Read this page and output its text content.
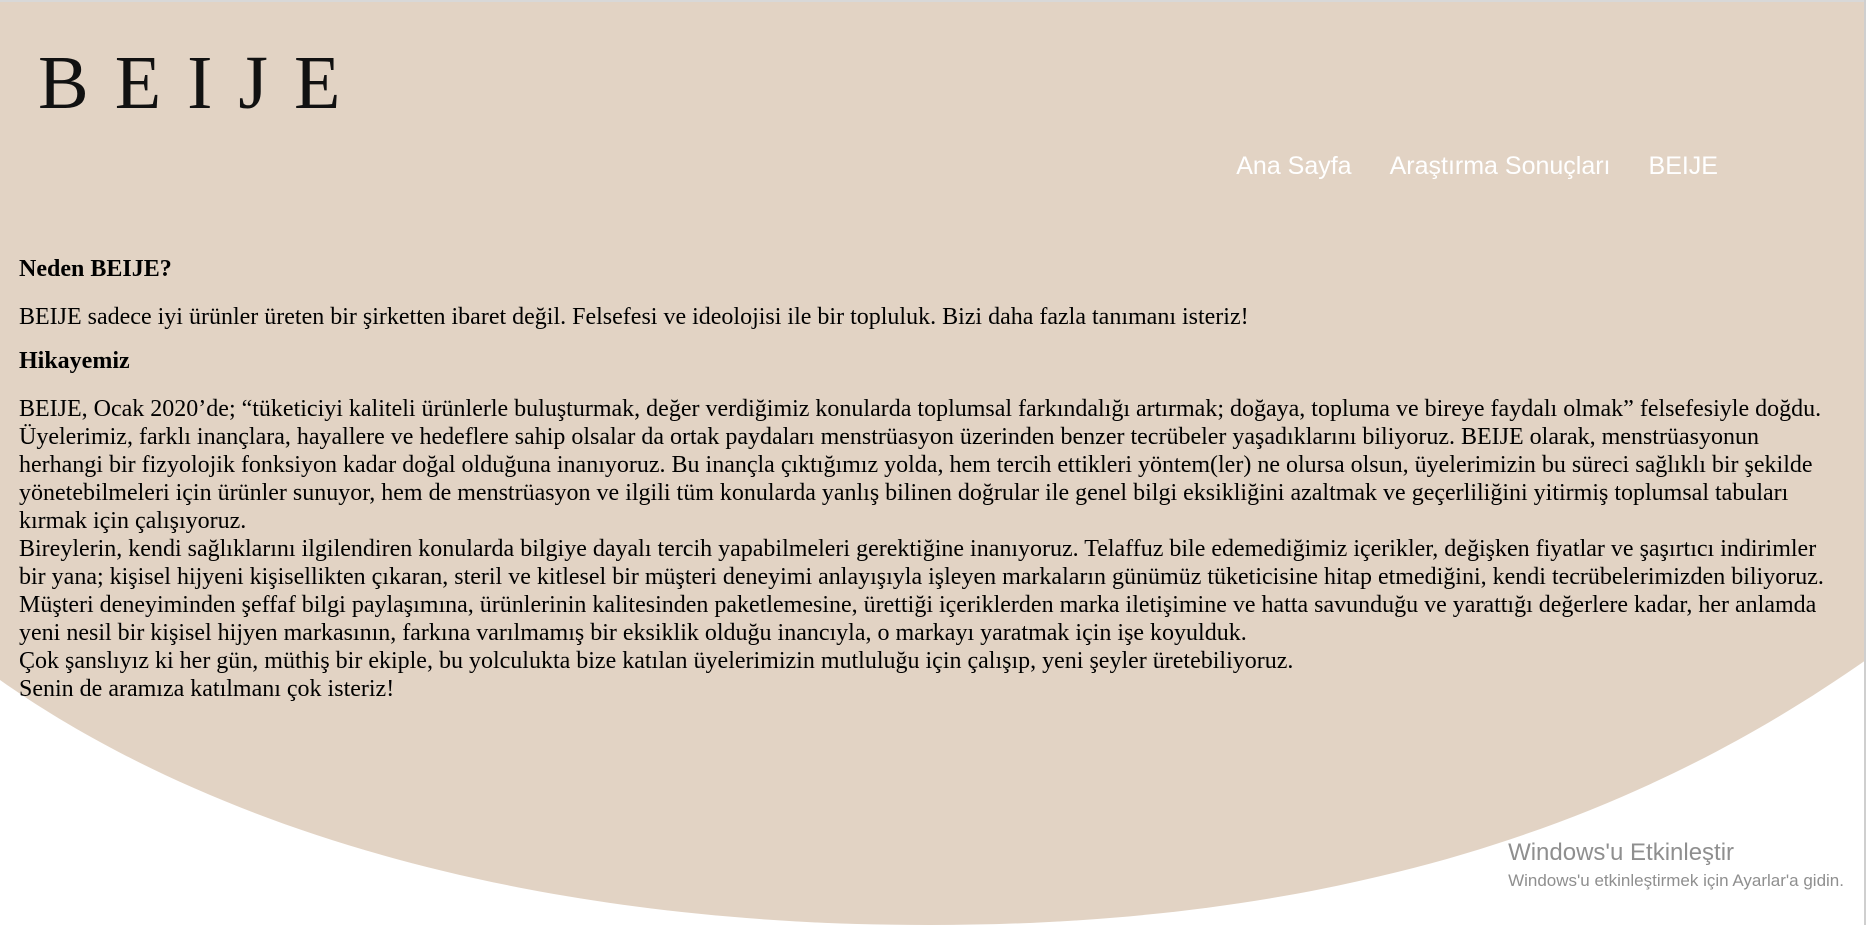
BEIJE
Ana Sayfa Araştırma Sonuçları BEIJE
Neden BEIJE?

BEIJE sadece iyi ürünler üreten bir şirketten ibaret değil. Felsefesi ve ideolojisi ile bir topluluk. Bizi daha fazla tanımanı isteriz!

Hikayemiz

BEIJE, Ocak 2020’de; “tüketiciyi kaliteli ürünlerle buluşturmak, değer verdiğimiz konularda toplumsal farkındalığı artırmak; doğaya, topluma ve bireye faydalı olmak” felsefesiyle doğdu.

Üyelerimiz, farklı inançlara, hayallere ve hedeflere sahip olsalar da ortak paydaları menstrüasyon üzerinden benzer tecrübeler yaşadıklarını biliyoruz. BEIJE olarak, menstrüasyonun herhangi bir fizyolojik fonksiyon kadar doğal olduğuna inanıyoruz. Bu inançla çıktığımız yolda, hem tercih ettikleri yöntem(ler) ne olursa olsun, üyelerimizin bu süreci sağlıklı bir şekilde yönetebilmeleri için ürünler sunuyor, hem de menstrüasyon ve ilgili tüm konularda yanlış bilinen doğrular ile genel bilgi eksikliğini azaltmak ve geçerliliğini yitirmiş toplumsal tabuları kırmak için çalışıyoruz.

Bireylerin, kendi sağlıklarını ilgilendiren konularda bilgiye dayalı tercih yapabilmeleri gerektiğine inanıyoruz. Telaffuz bile edemediğimiz içerikler, değişken fiyatlar ve şaşırtıcı indirimler bir yana; kişisel hijyeni kişisellikten çıkaran, steril ve kitlesel bir müşteri deneyimi anlayışıyla işleyen markaların günümüz tüketicisine hitap etmediğini, kendi tecrübelerimizden biliyoruz.

Müşteri deneyiminden şeffaf bilgi paylaşımına, ürünlerinin kalitesinden paketlemesine, ürettiği içeriklerden marka iletişimine ve hatta savunduğu ve yarattığı değerlere kadar, her anlamda yeni nesil bir kişisel hijyen markasının, farkına varılmamış bir eksiklik olduğu inancıyla, o markayı yaratmak için işe koyulduk.

Çok şanslıyız ki her gün, müthiş bir ekiple, bu yolculukta bize katılan üyelerimizin mutluluğu için çalışıp, yeni şeyler üretebiliyoruz.

Senin de aramıza katılmanı çok isteriz!

Windows'u Etkinleştir
Windows'u etkinleştirmek için Ayarlar'a gidin.
